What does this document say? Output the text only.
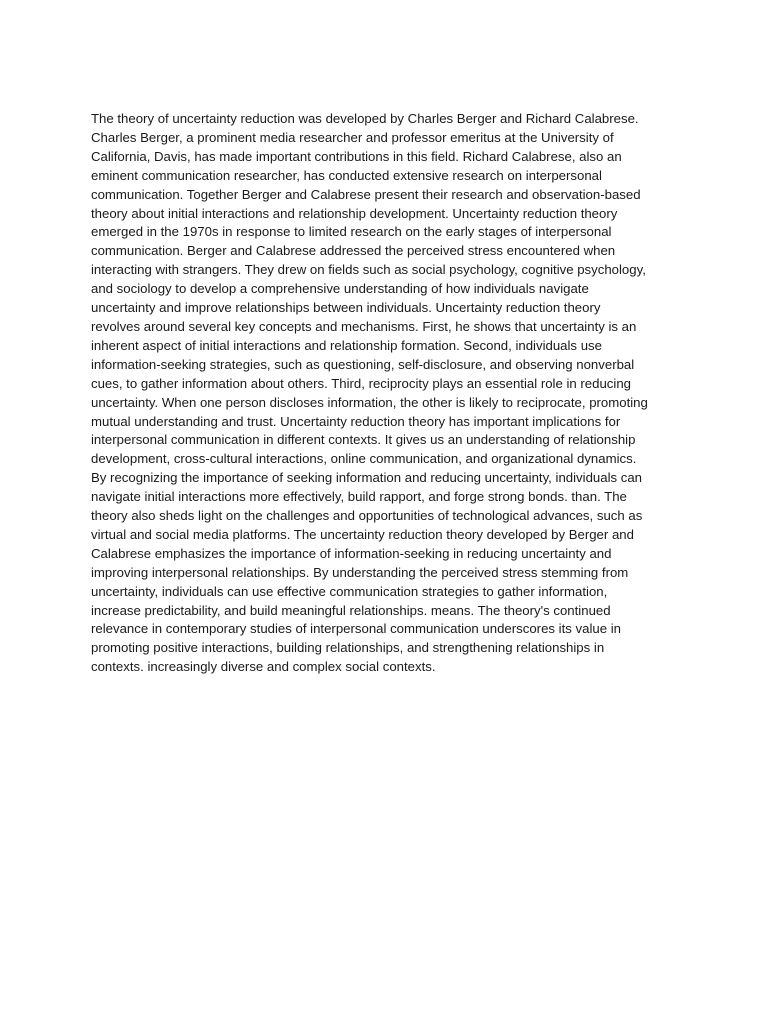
The theory of uncertainty reduction was developed by Charles Berger and Richard Calabrese.
Charles Berger, a prominent media researcher and professor emeritus at the University of
California, Davis, has made important contributions in this field. Richard Calabrese, also an
eminent communication researcher, has conducted extensive research on interpersonal
communication. Together Berger and Calabrese present their research and observation-based
theory about initial interactions and relationship development. Uncertainty reduction theory
emerged in the 1970s in response to limited research on the early stages of interpersonal
communication. Berger and Calabrese addressed the perceived stress encountered when
interacting with strangers. They drew on fields such as social psychology, cognitive psychology,
and sociology to develop a comprehensive understanding of how individuals navigate
uncertainty and improve relationships between individuals. Uncertainty reduction theory
revolves around several key concepts and mechanisms. First, he shows that uncertainty is an
inherent aspect of initial interactions and relationship formation. Second, individuals use
information-seeking strategies, such as questioning, self-disclosure, and observing nonverbal
cues, to gather information about others. Third, reciprocity plays an essential role in reducing
uncertainty. When one person discloses information, the other is likely to reciprocate, promoting
mutual understanding and trust. Uncertainty reduction theory has important implications for
interpersonal communication in different contexts. It gives us an understanding of relationship
development, cross-cultural interactions, online communication, and organizational dynamics.
By recognizing the importance of seeking information and reducing uncertainty, individuals can
navigate initial interactions more effectively, build rapport, and forge strong bonds. than. The
theory also sheds light on the challenges and opportunities of technological advances, such as
virtual and social media platforms. The uncertainty reduction theory developed by Berger and
Calabrese emphasizes the importance of information-seeking in reducing uncertainty and
improving interpersonal relationships. By understanding the perceived stress stemming from
uncertainty, individuals can use effective communication strategies to gather information,
increase predictability, and build meaningful relationships. means. The theory's continued
relevance in contemporary studies of interpersonal communication underscores its value in
promoting positive interactions, building relationships, and strengthening relationships in
contexts. increasingly diverse and complex social contexts.
